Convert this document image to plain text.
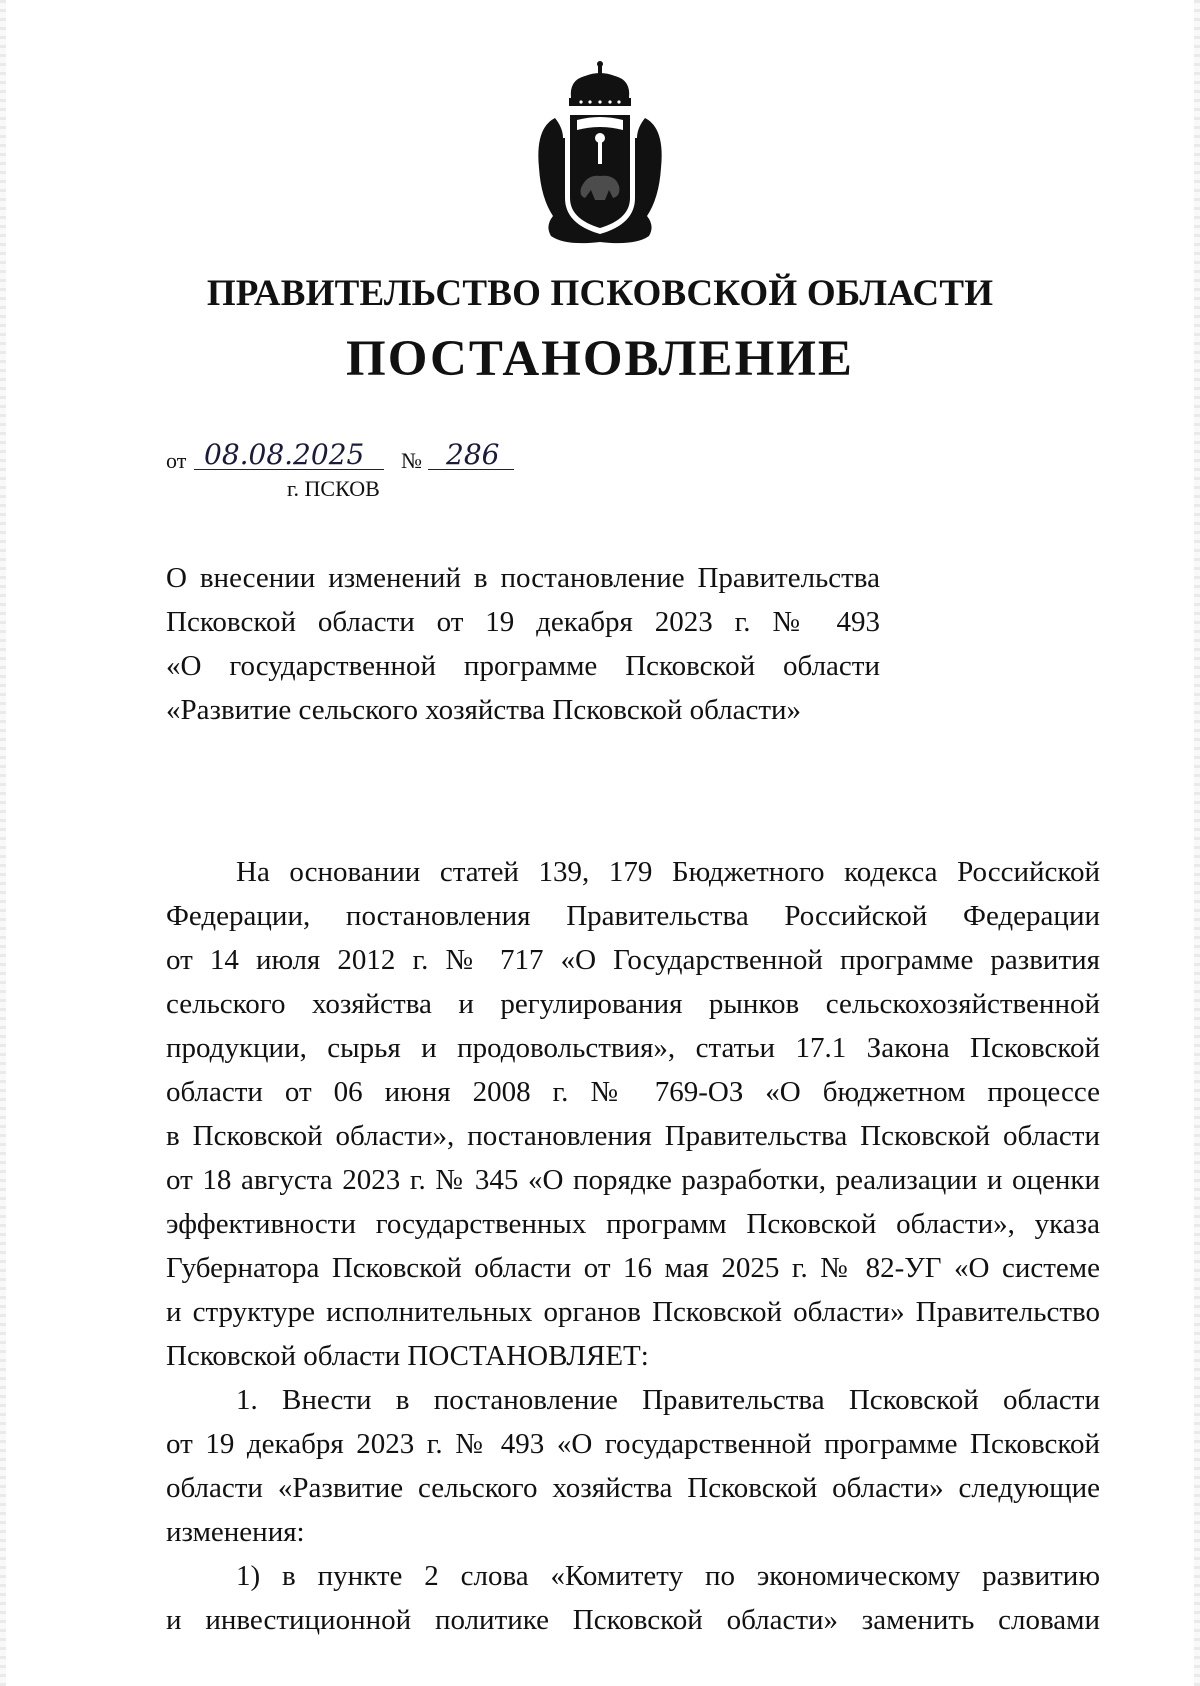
ПРАВИТЕЛЬСТВО ПСКОВСКОЙ ОБЛАСТИ
ПОСТАНОВЛЕНИЕ
от 08.08.2025	№ 286
г. ПСКОВ
О внесении изменений в постановление Правительства
Псковской области от 19 декабря 2023 г. № 493
«О государственной программе Псковской области
«Развитие сельского хозяйства Псковской области»
На основании статей 139, 179 Бюджетного кодекса Российской
Федерации, постановления Правительства Российской Федерации
от 14 июля 2012 г. № 717 «О Государственной программе развития
сельского хозяйства и регулирования рынков сельскохозяйственной
продукции, сырья и продовольствия», статьи 17.1 Закона Псковской
области от 06 июня 2008 г. № 769-ОЗ «О бюджетном процессе
в Псковской области», постановления Правительства Псковской области
от 18 августа 2023 г. № 345 «О порядке разработки, реализации и оценки
эффективности государственных программ Псковской области», указа
Губернатора Псковской области от 16 мая 2025 г. № 82-УГ «О системе
и структуре исполнительных органов Псковской области» Правительство
Псковской области ПОСТАНОВЛЯЕТ:
1. Внести в постановление Правительства Псковской области
от 19 декабря 2023 г. № 493 «О государственной программе Псковской
области «Развитие сельского хозяйства Псковской области» следующие
изменения:
1) в пункте 2 слова «Комитету по экономическому развитию
и инвестиционной политике Псковской области» заменить словами
